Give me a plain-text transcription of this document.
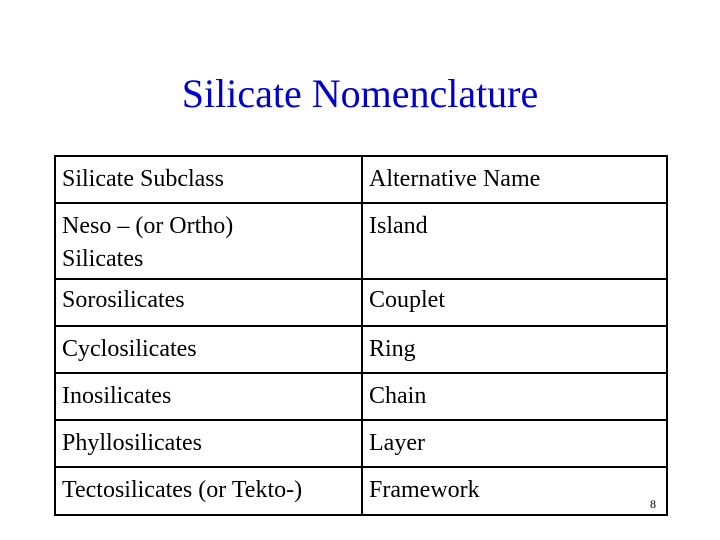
Silicate Nomenclature
Silicate Subclass	Alternative Name

Neso – (or Ortho)
Silicates	Island

Sorosilicates	Couplet

Cyclosilicates	Ring

Inosilicates	Chain

Phyllosilicates	Layer

Tectosilicates (or Tekto-)	Framework
8
